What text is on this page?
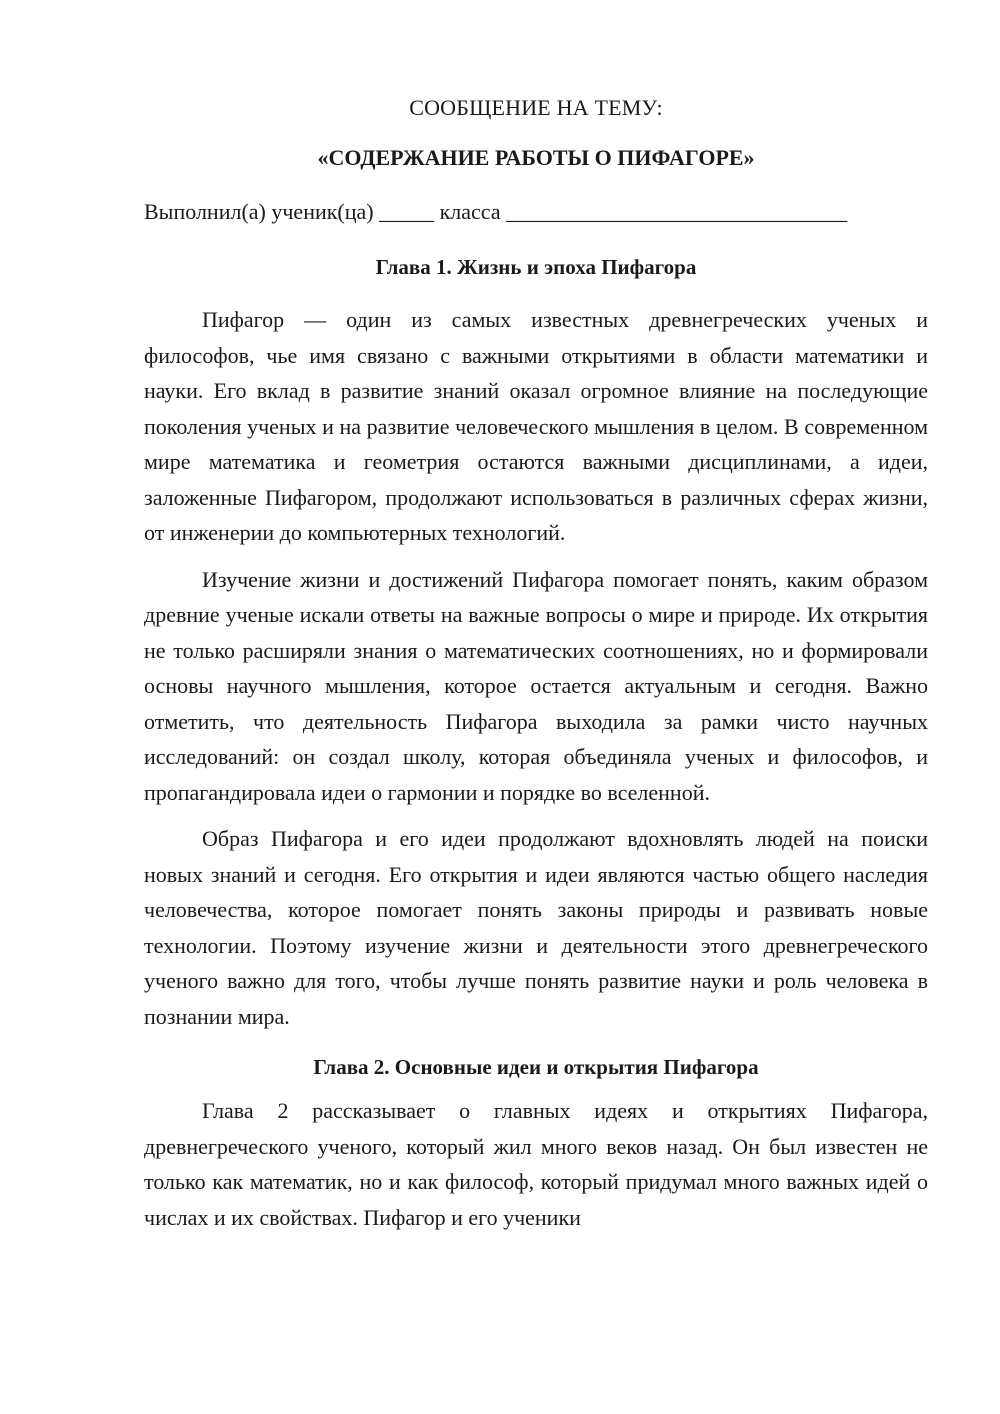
СООБЩЕНИЕ НА ТЕМУ:
«СОДЕРЖАНИЕ РАБОТЫ О ПИФАГОРЕ»

Выполнил(а) ученик(ца) _____ класса _______________________________

Глава 1. Жизнь и эпоха Пифагора

Пифагор — один из самых известных древнегреческих ученых и философов, чье имя связано с важными открытиями в области математики и науки. Его вклад в развитие знаний оказал огромное влияние на последующие поколения ученых и на развитие человеческого мышления в целом. В современном мире математика и геометрия остаются важными дисциплинами, а идеи, заложенные Пифагором, продолжают использоваться в различных сферах жизни, от инженерии до компьютерных технологий.

Изучение жизни и достижений Пифагора помогает понять, каким образом древние ученые искали ответы на важные вопросы о мире и природе. Их открытия не только расширяли знания о математических соотношениях, но и формировали основы научного мышления, которое остается актуальным и сегодня. Важно отметить, что деятельность Пифагора выходила за рамки чисто научных исследований: он создал школу, которая объединяла ученых и философов, и пропагандировала идеи о гармонии и порядке во вселенной.

Образ Пифагора и его идеи продолжают вдохновлять людей на поиски новых знаний и сегодня. Его открытия и идеи являются частью общего наследия человечества, которое помогает понять законы природы и развивать новые технологии. Поэтому изучение жизни и деятельности этого древнегреческого ученого важно для того, чтобы лучше понять развитие науки и роль человека в познании мира.

Глава 2. Основные идеи и открытия Пифагора

Глава 2 рассказывает о главных идеях и открытиях Пифагора, древнегреческого ученого, который жил много веков назад. Он был известен не только как математик, но и как философ, который придумал много важных идей о числах и их свойствах. Пифагор и его ученики
